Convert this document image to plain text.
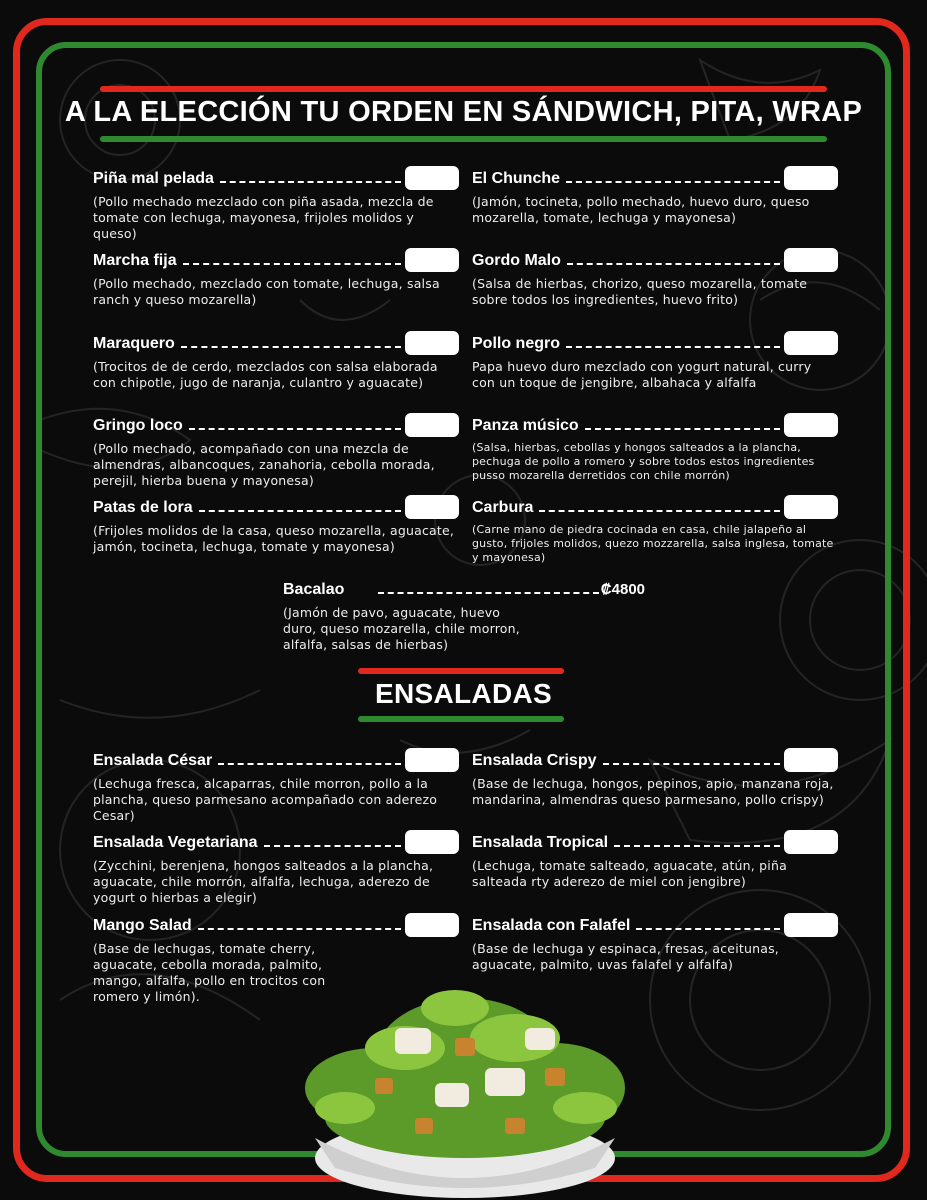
A LA ELECCIÓN TU ORDEN EN SÁNDWICH, PITA, WRAP
Piña mal pelada
(Pollo mechado mezclado con piña asada, mezcla de tomate con lechuga, mayonesa, frijoles molidos y queso)
El Chunche
(Jamón, tocineta, pollo mechado, huevo duro, queso mozarella, tomate, lechuga y mayonesa)
Marcha fija
(Pollo mechado, mezclado con tomate, lechuga, salsa ranch y queso mozarella)
Gordo Malo
(Salsa de hierbas, chorizo, queso mozarella, tomate sobre todos los ingredientes, huevo frito)
Maraquero
(Trocitos de de cerdo, mezclados con salsa elaborada con chipotle, jugo de naranja, culantro y aguacate)
Pollo negro
Papa huevo duro mezclado con yogurt natural, curry con un toque de jengibre, albahaca y alfalfa
Gringo loco
(Pollo mechado, acompañado con una mezcla de almendras, albancoques, zanahoria, cebolla morada, perejil, hierba buena y mayonesa)
Panza músico
(Salsa, hierbas, cebollas y hongos salteados a la plancha, pechuga de pollo a romero y sobre todos estos ingredientes pusso mozarella derretidos con chile morrón)
Patas de lora
(Frijoles molidos de la casa, queso mozarella, aguacate, jamón, tocineta, lechuga, tomate y mayonesa)
Carbura
(Carne mano de piedra cocinada en casa, chile jalapeño al gusto, frijoles molidos, quezo mozzarella, salsa inglesa, tomate y mayonesa)
Bacalao	₡4800
(Jamón de pavo, aguacate, huevo duro, queso mozarella, chile morron, alfalfa, salsas de hierbas)
ENSALADAS
Ensalada César
(Lechuga fresca, alcaparras, chile morron, pollo a la plancha, queso parmesano acompañado con aderezo Cesar)
Ensalada Crispy
(Base de lechuga, hongos, pepinos, apio, manzana roja, mandarina, almendras queso parmesano, pollo crispy)
Ensalada Vegetariana
(Zycchini, berenjena, hongos salteados a la plancha, aguacate, chile morrón, alfalfa, lechuga, aderezo de yogurt o hierbas a elegir)
Ensalada Tropical
(Lechuga, tomate salteado, aguacate, atún, piña salteada rty aderezo de miel con jengibre)
Mango Salad
(Base de lechugas, tomate cherry, aguacate, cebolla morada, palmito, mango, alfalfa, pollo en trocitos con romero y limón).
Ensalada con Falafel
(Base de lechuga y espinaca, fresas, aceitunas, aguacate, palmito, uvas falafel y alfalfa)
